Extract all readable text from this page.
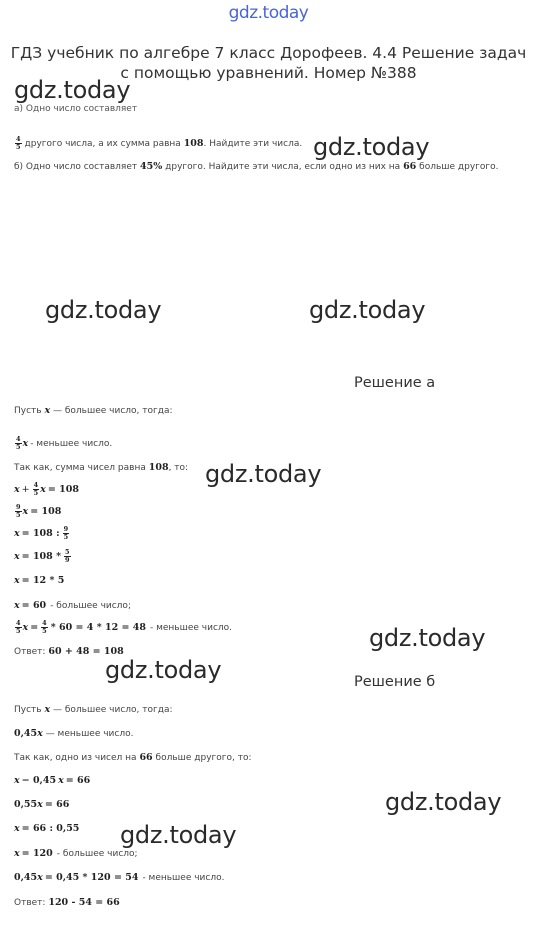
gdz.today
ГДЗ учебник по алгебре 7 класс Дорофеев. 4.4 Решение задач
с помощью уравнений. Номер №388
gdz.today
gdz.today
gdz.today	gdz.today
gdz.today
gdz.today
gdz.today
gdz.today
gdz.today
а) Одно число составляет
$\frac{4}{5}$ другого числа, а их сумма равна
108 . Найдите эти числа.
б) Одно число составляет
45%
другого. Найдите эти числа, если одно из них на
66
больше другого.
Решение а
Пусть
x
— большее число, тогда:
$\frac{4}{5}$ x - меньшее число.
Так как, сумма чисел равна
108 , то:
$x + \frac{4}{5}$ x = 108
$\frac{9}{5}$ x = 108
x = 108 : $\frac{9}{5}$
$x = 108 * \frac{5}{9}$
x = 12 * 5
x = 60 - большее число;
$\frac{4}{5}$ $x = \frac{4}{5} * 60 = 4 * 12 = 48$ - меньшее число.
Ответ:
60 + 48 = 108
Решение б
Пусть
x
— большее число, тогда:
0,45 x
— меньшее число.
Так как, одно из чисел на
66
больше другого, то:
x − 0,45 x = 66
0,55 x = 66
x = 66 : 0,55
x = 120 - большее число;
0,45 x = 0,45 * 120 = 54 - меньшее число.
Ответ:
120 - 54 = 66
